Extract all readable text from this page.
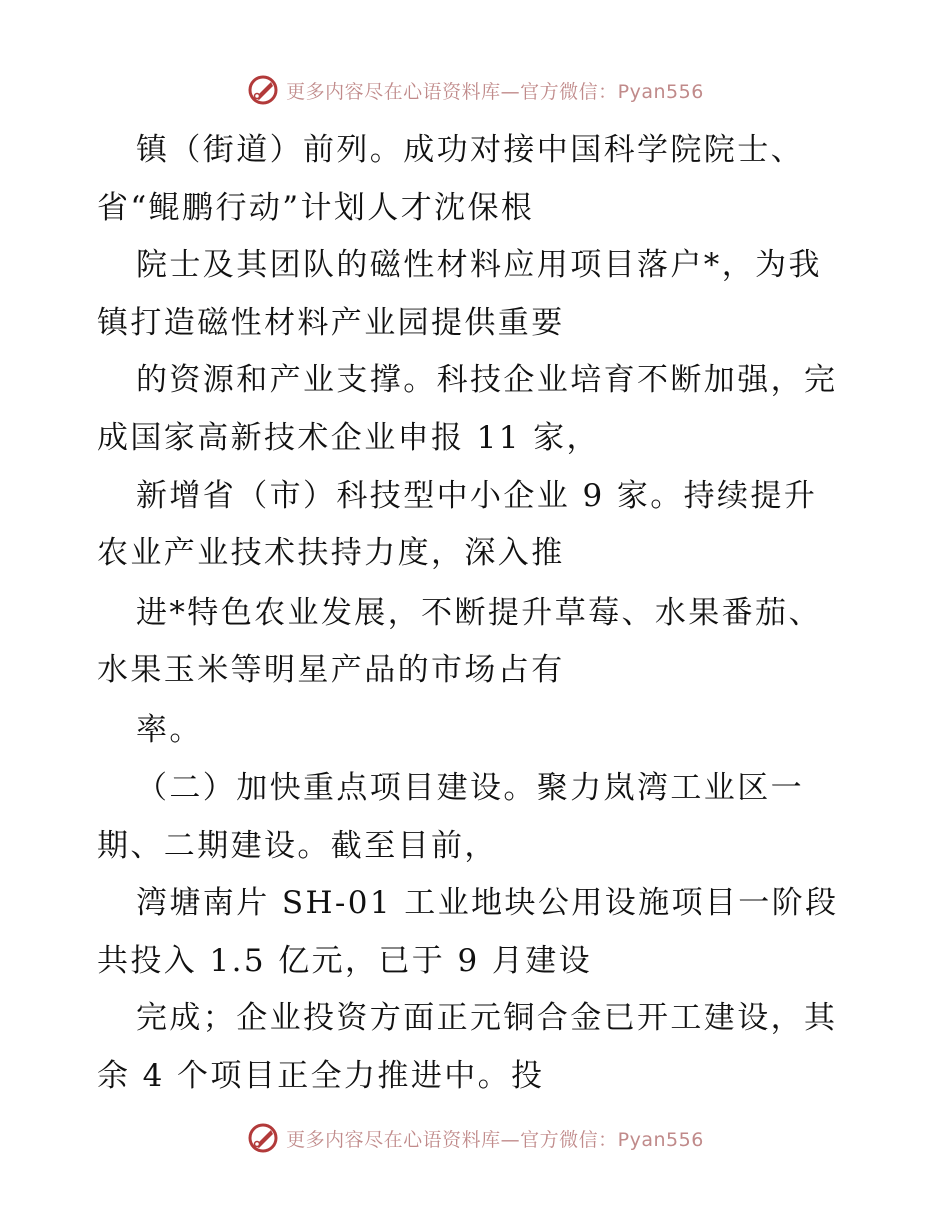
更多内容尽在心语资料库—官方微信：Pyan556
镇（街道）前列。成功对接中国科学院院士、
省“鲲鹏行动”计划人才沈保根
院士及其团队的磁性材料应用项目落户*，为我
镇打造磁性材料产业园提供重要
的资源和产业支撑。科技企业培育不断加强，完
成国家高新技术企业申报 11 家，
新增省（市）科技型中小企业 9 家。持续提升
农业产业技术扶持力度，深入推
进*特色农业发展，不断提升草莓、水果番茄、
水果玉米等明星产品的市场占有
率。
（二）加快重点项目建设。聚力岚湾工业区一
期、二期建设。截至目前，
湾塘南片 SH-01 工业地块公用设施项目一阶段
共投入 1.5 亿元，已于 9 月建设
完成；企业投资方面正元铜合金已开工建设，其
余 4 个项目正全力推进中。投
更多内容尽在心语资料库—官方微信：Pyan556
